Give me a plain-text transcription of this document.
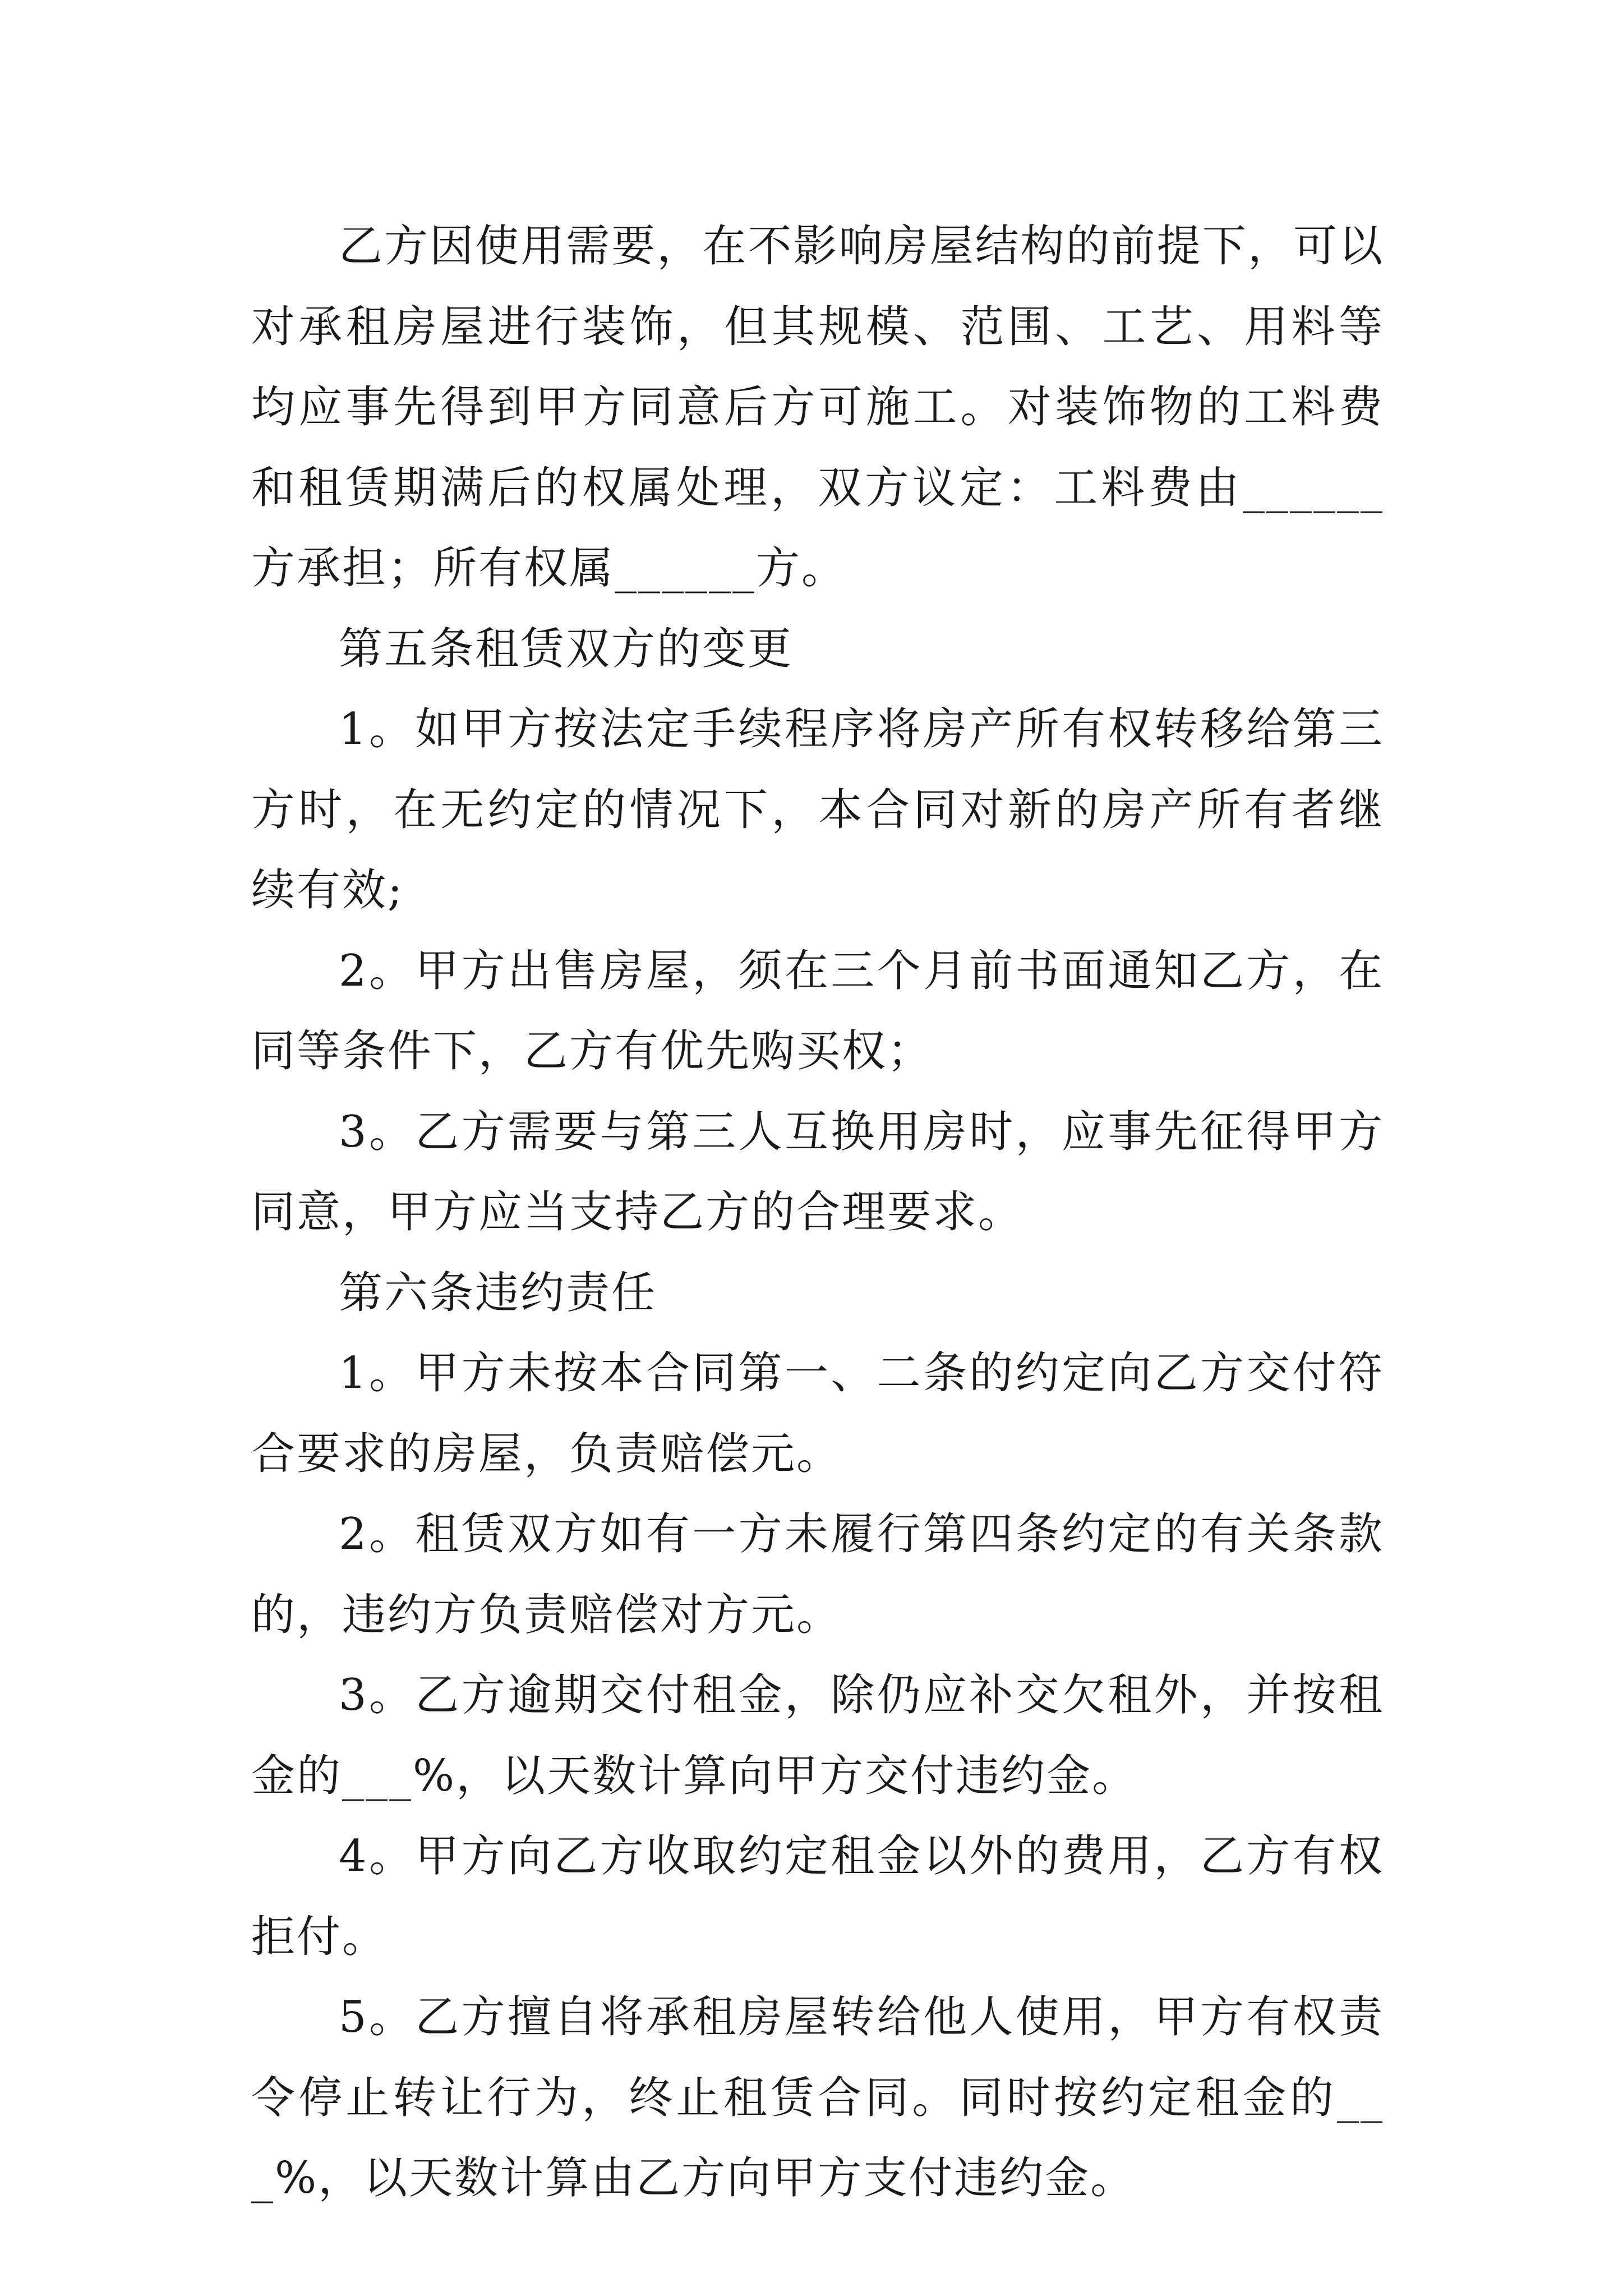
乙方因使用需要，在不影响房屋结构的前提下，可以对承租房屋进行装饰，但其规模、范围、工艺、用料等均应事先得到甲方同意后方可施工。对装饰物的工料费和租赁期满后的权属处理，双方议定：工料费由______方承担；所有权属______方。

第五条租赁双方的变更

1。如甲方按法定手续程序将房产所有权转移给第三方时，在无约定的情况下，本合同对新的房产所有者继续有效;

2。甲方出售房屋，须在三个月前书面通知乙方，在同等条件下，乙方有优先购买权；

3。乙方需要与第三人互换用房时，应事先征得甲方同意，甲方应当支持乙方的合理要求。

第六条违约责任

1。甲方未按本合同第一、二条的约定向乙方交付符合要求的房屋，负责赔偿元。

2。租赁双方如有一方未履行第四条约定的有关条款的，违约方负责赔偿对方元。

3。乙方逾期交付租金，除仍应补交欠租外，并按租金的___%，以天数计算向甲方交付违约金。

4。甲方向乙方收取约定租金以外的费用，乙方有权拒付。

5。乙方擅自将承租房屋转给他人使用，甲方有权责令停止转让行为，终止租赁合同。同时按约定租金的___%，以天数计算由乙方向甲方支付违约金。
